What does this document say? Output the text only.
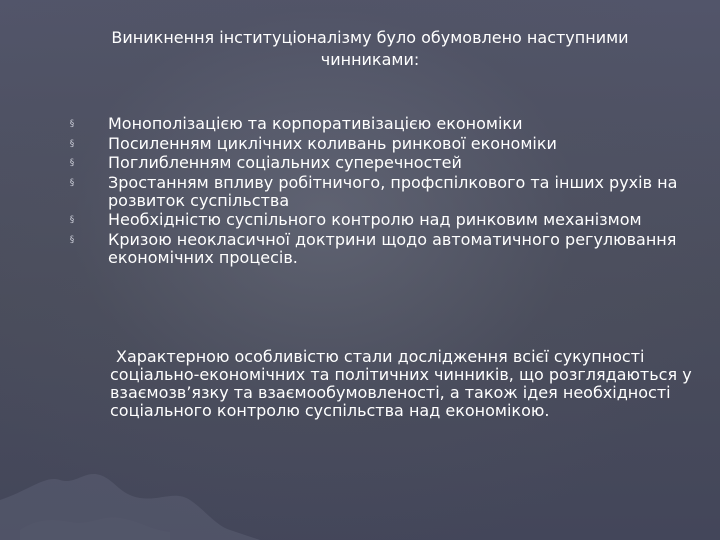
Виникнення інституціоналізму було обумовлено наступними
чинниками:
§ Монополізацією та корпоративізацією економіки
§ Посиленням циклічних коливань ринкової економіки
§ Поглибленням соціальних суперечностей
§ Зростанням впливу робітничого, профспілкового та інших рухів на розвиток суспільства
§ Необхідністю суспільного контролю над ринковим механізмом
§ Кризою неокласичної доктрини щодо автоматичного регулювання економічних процесів.

Характерною особливістю стали дослідження всієї сукупності соціально-економічних та політичних чинників, що розглядаються у взаємозв’язку та взаємообумовленості, а також ідея необхідності соціального контролю суспільства над економікою.
